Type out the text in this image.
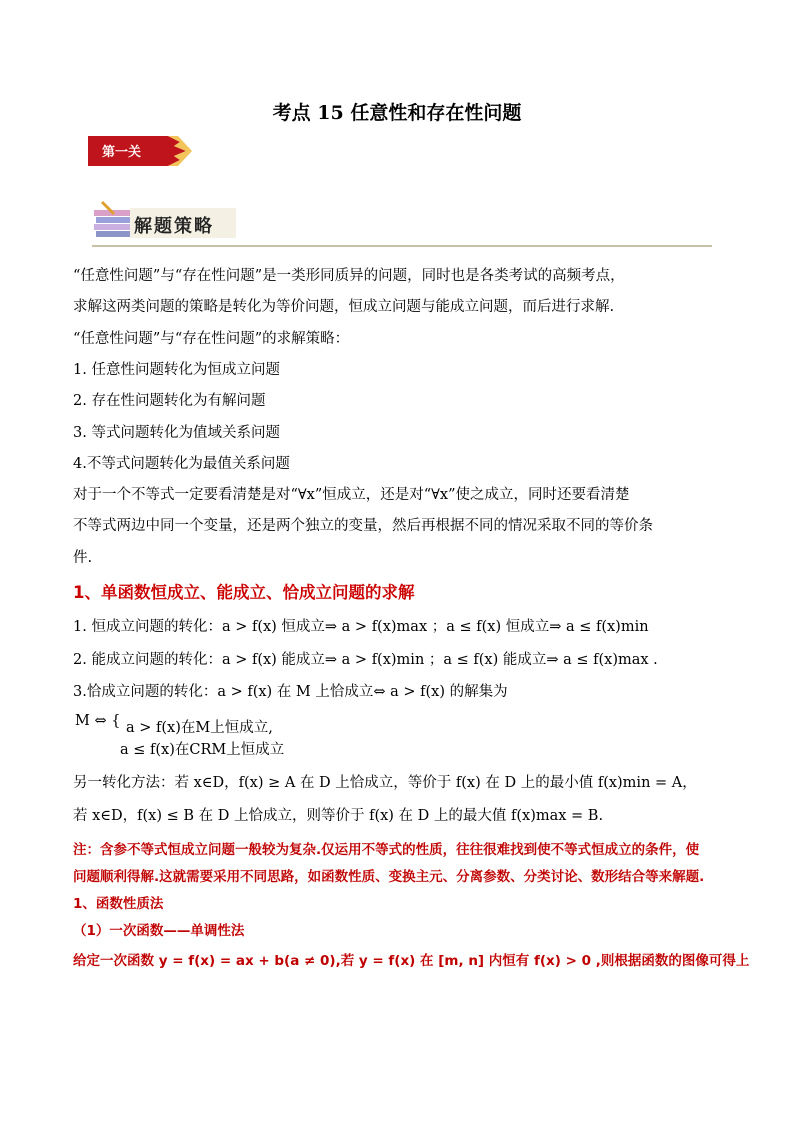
考点 15 任意性和存在性问题
第一关
解题策略
“任意性问题”与“存在性问题”是一类形同质异的问题，同时也是各类考试的高频考点，
求解这两类问题的策略是转化为等价问题，恒成立问题与能成立问题，而后进行求解.
“任意性问题”与“存在性问题”的求解策略：
1. 任意性问题转化为恒成立问题
2. 存在性问题转化为有解问题
3. 等式问题转化为值域关系问题
4.不等式问题转化为最值关系问题
对于一个不等式一定要看清楚是对“∀x”恒成立，还是对“∀x”使之成立，同时还要看清楚
不等式两边中同一个变量，还是两个独立的变量，然后再根据不同的情况采取不同的等价条
件.
1、单函数恒成立、能成立、恰成立问题的求解
1. 恒成立问题的转化：a > f(x) 恒成立⇒ a > f(x)max ；a ≤ f(x) 恒成立⇒ a ≤ f(x)min
2. 能成立问题的转化：a > f(x) 能成立⇒ a > f(x)min ；a ≤ f(x) 能成立⇒ a ≤ f(x)max .
3.恰成立问题的转化：a > f(x) 在 M 上恰成立⇔ a > f(x) 的解集为
M ⇔ { a > f(x)在M上恒成立,
a ≤ f(x)在CRM上恒成立
另一转化方法：若 x∈D，f(x) ≥ A 在 D 上恰成立，等价于 f(x) 在 D 上的最小值 f(x)min = A，
若 x∈D，f(x) ≤ B 在 D 上恰成立，则等价于 f(x) 在 D 上的最大值 f(x)max = B.
注：含参不等式恒成立问题一般较为复杂.仅运用不等式的性质，往往很难找到使不等式恒成立的条件，使
问题顺利得解.这就需要采用不同思路，如函数性质、变换主元、分离参数、分类讨论、数形结合等来解题.
1、函数性质法
（1）一次函数——单调性法
给定一次函数 y = f(x) = ax + b(a ≠ 0),若 y = f(x) 在 [m, n] 内恒有 f(x) > 0 ,则根据函数的图像可得上
